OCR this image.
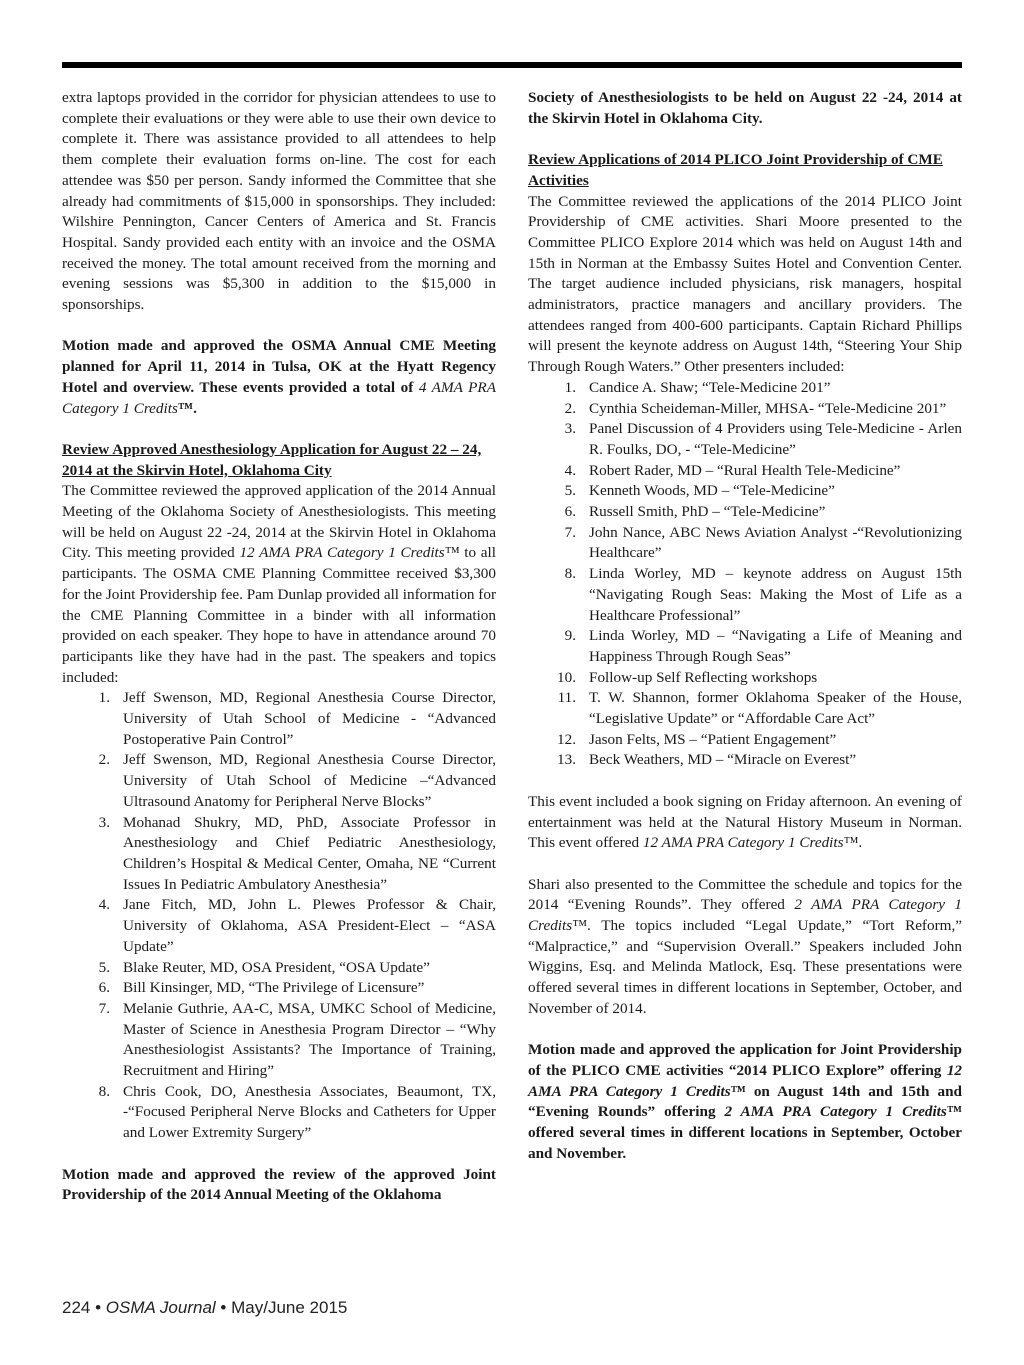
extra laptops provided in the corridor for physician attendees to use to complete their evaluations or they were able to use their own device to complete it. There was assistance provided to all attendees to help them complete their evaluation forms on-line. The cost for each attendee was $50 per person. Sandy informed the Committee that she already had commitments of $15,000 in sponsorships. They included: Wilshire Pennington, Cancer Centers of America and St. Francis Hospital. Sandy provided each entity with an invoice and the OSMA received the money. The total amount received from the morning and evening sessions was $5,300 in addition to the $15,000 in sponsorships.

Motion made and approved the OSMA Annual CME Meeting planned for April 11, 2014 in Tulsa, OK at the Hyatt Regency Hotel and overview. These events provided a total of 4 AMA PRA Category 1 Credits™.

Review Approved Anesthesiology Application for August 22 – 24, 2014 at the Skirvin Hotel, Oklahoma City

The Committee reviewed the approved application of the 2014 Annual Meeting of the Oklahoma Society of Anesthesiologists. This meeting will be held on August 22 -24, 2014 at the Skirvin Hotel in Oklahoma City. This meeting provided 12 AMA PRA Category 1 Credits™ to all participants. The OSMA CME Planning Committee received $3,300 for the Joint Providership fee. Pam Dunlap provided all information for the CME Planning Committee in a binder with all information provided on each speaker. They hope to have in attendance around 70 participants like they have had in the past. The speakers and topics included:

1. Jeff Swenson, MD, Regional Anesthesia Course Director, University of Utah School of Medicine - “Advanced Postoperative Pain Control”
2. Jeff Swenson, MD, Regional Anesthesia Course Director, University of Utah School of Medicine –“Advanced Ultrasound Anatomy for Peripheral Nerve Blocks”
3. Mohanad Shukry, MD, PhD, Associate Professor in Anesthesiology and Chief Pediatric Anesthesiology, Children’s Hospital & Medical Center, Omaha, NE “Current Issues In Pediatric Ambulatory Anesthesia”
4. Jane Fitch, MD, John L. Plewes Professor & Chair, University of Oklahoma, ASA President-Elect – “ASA Update”
5. Blake Reuter, MD, OSA President, “OSA Update”
6. Bill Kinsinger, MD, “The Privilege of Licensure”
7. Melanie Guthrie, AA-C, MSA, UMKC School of Medicine, Master of Science in Anesthesia Program Director – “Why Anesthesiologist Assistants? The Importance of Training, Recruitment and Hiring”
8. Chris Cook, DO, Anesthesia Associates, Beaumont, TX, -“Focused Peripheral Nerve Blocks and Catheters for Upper and Lower Extremity Surgery”

Motion made and approved the review of the approved Joint Providership of the 2014 Annual Meeting of the Oklahoma

Society of Anesthesiologists to be held on August 22 -24, 2014 at the Skirvin Hotel in Oklahoma City.

Review Applications of 2014 PLICO Joint Providership of CME Activities

The Committee reviewed the applications of the 2014 PLICO Joint Providership of CME activities. Shari Moore presented to the Committee PLICO Explore 2014 which was held on August 14th and 15th in Norman at the Embassy Suites Hotel and Convention Center. The target audience included physicians, risk managers, hospital administrators, practice managers and ancillary providers. The attendees ranged from 400-600 participants. Captain Richard Phillips will present the keynote address on August 14th, “Steering Your Ship Through Rough Waters.” Other presenters included:

1. Candice A. Shaw; “Tele-Medicine 201”
2. Cynthia Scheideman-Miller, MHSA- “Tele-Medicine 201”
3. Panel Discussion of 4 Providers using Tele-Medicine - Arlen R. Foulks, DO, - “Tele-Medicine”
4. Robert Rader, MD – “Rural Health Tele-Medicine”
5. Kenneth Woods, MD – “Tele-Medicine”
6. Russell Smith, PhD – “Tele-Medicine”
7. John Nance, ABC News Aviation Analyst -“Revolutionizing Healthcare”
8. Linda Worley, MD – keynote address on August 15th “Navigating Rough Seas: Making the Most of Life as a Healthcare Professional”
9. Linda Worley, MD – “Navigating a Life of Meaning and Happiness Through Rough Seas”
10. Follow-up Self Reflecting workshops
11. T. W. Shannon, former Oklahoma Speaker of the House, “Legislative Update” or “Affordable Care Act”
12. Jason Felts, MS – “Patient Engagement”
13. Beck Weathers, MD – “Miracle on Everest”

This event included a book signing on Friday afternoon. An evening of entertainment was held at the Natural History Museum in Norman. This event offered 12 AMA PRA Category 1 Credits™.

Shari also presented to the Committee the schedule and topics for the 2014 “Evening Rounds”. They offered 2 AMA PRA Category 1 Credits™. The topics included “Legal Update,” “Tort Reform,” “Malpractice,” and “Supervision Overall.” Speakers included John Wiggins, Esq. and Melinda Matlock, Esq. These presentations were offered several times in different locations in September, October, and November of 2014.

Motion made and approved the application for Joint Providership of the PLICO CME activities “2014 PLICO Explore” offering 12 AMA PRA Category 1 Credits™ on August 14th and 15th and “Evening Rounds” offering 2 AMA PRA Category 1 Credits™ offered several times in different locations in September, October and November.

224 • OSMA Journal • May/June 2015
